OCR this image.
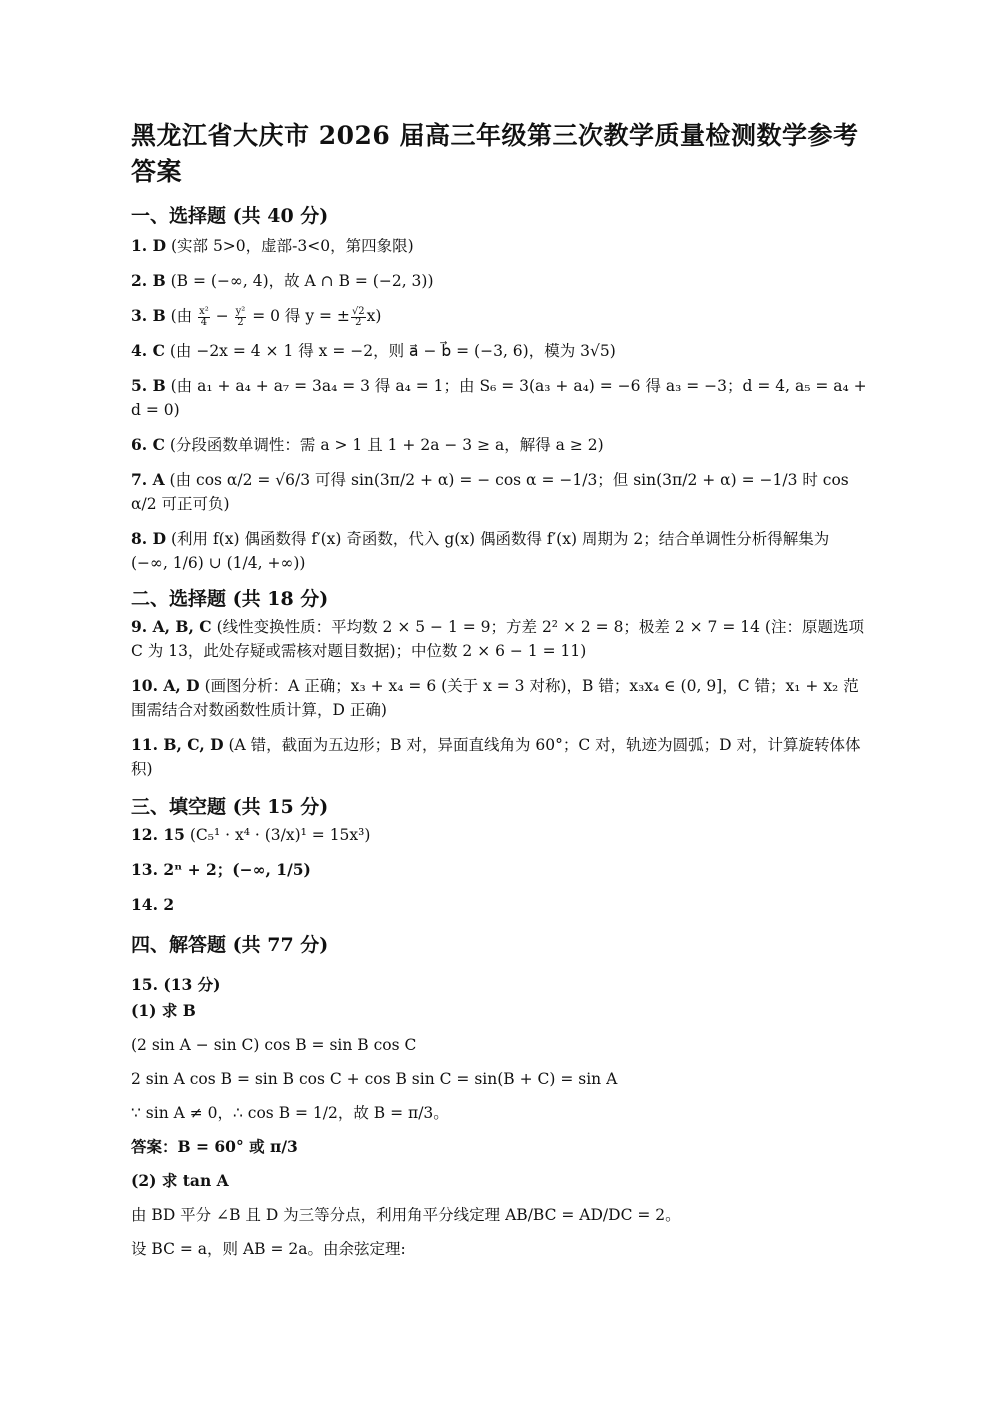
黑龙江省大庆市 2026 届高三年级第三次教学质量检测数学参考答案

一、选择题 (共 40 分)

1. D (实部 5>0，虚部-3<0，第四象限)

2. B (B = (−∞, 4)，故 A ∩ B = (−2, 3))

3. B (由 $\frac{\text{x²}}{4} - \frac{\text{y²}}{2} = 0$ 得 y = ± $\frac{√2}{2} x$)

4. C (由 −2x = 4 × 1 得 x = −2，则 a⃗ − b⃗ = (−3, 6)，模为 3√5)

5. B (由 a₁ + a₄ + a₇ = 3a₄ = 3 得 a₄ = 1；由 S₆ = 3(a₃ + a₄) = −6 得 a₃ = −3；d = 4, a₅ = a₄ + d = 0)

6. C (分段函数单调性：需 a > 1 且 1 + 2a − 3 ≥ a，解得 a ≥ 2)

7. A (由 cos α/2 = √6/3 可得 sin(3π/2 + α) = − cos α = −1/3；但 sin(3π/2 + α) = −1/3 时 cos α/2 可正可负)

8. D (利用 f(x) 偶函数得 f′(x) 奇函数，代入 g(x) 偶函数得 f′(x) 周期为 2；结合单调性分析得解集为 (−∞, 1/6) ∪ (1/4, +∞))

二、选择题 (共 18 分)

9. A, B, C (线性变换性质：平均数 2 × 5 − 1 = 9；方差 2² × 2 = 8；极差 2 × 7 = 14 (注：原题选项 C 为 13，此处存疑或需核对题目数据)；中位数 2 × 6 − 1 = 11)

10. A, D (画图分析：A 正确；x₃ + x₄ = 6 (关于 x = 3 对称)，B 错；x₃x₄ ∈ (0, 9]，C 错；x₁ + x₂ 范围需结合对数函数性质计算，D 正确)

11. B, C, D (A 错，截面为五边形；B 对，异面直线角为 60°；C 对，轨迹为圆弧；D 对，计算旋转体体积)

三、填空题 (共 15 分)

12. 15 (C₅¹ · x⁴ · (3/x)¹ = 15x³)

13. 2ⁿ + 2；(−∞, 1/5)

14. 2

四、解答题 (共 77 分)

15. (13 分)

(1) 求 B

(2 sin A − sin C) cos B = sin B cos C

2 sin A cos B = sin B cos C + cos B sin C = sin(B + C) = sin A

∵ sin A ≠ 0，∴ cos B = 1/2，故 B = π/3。

答案：B = 60° 或 π/3

(2) 求 tan A

由 BD 平分 ∠B 且 D 为三等分点，利用角平分线定理 AB/BC = AD/DC = 2。

设 BC = a，则 AB = 2a。由余弦定理:
